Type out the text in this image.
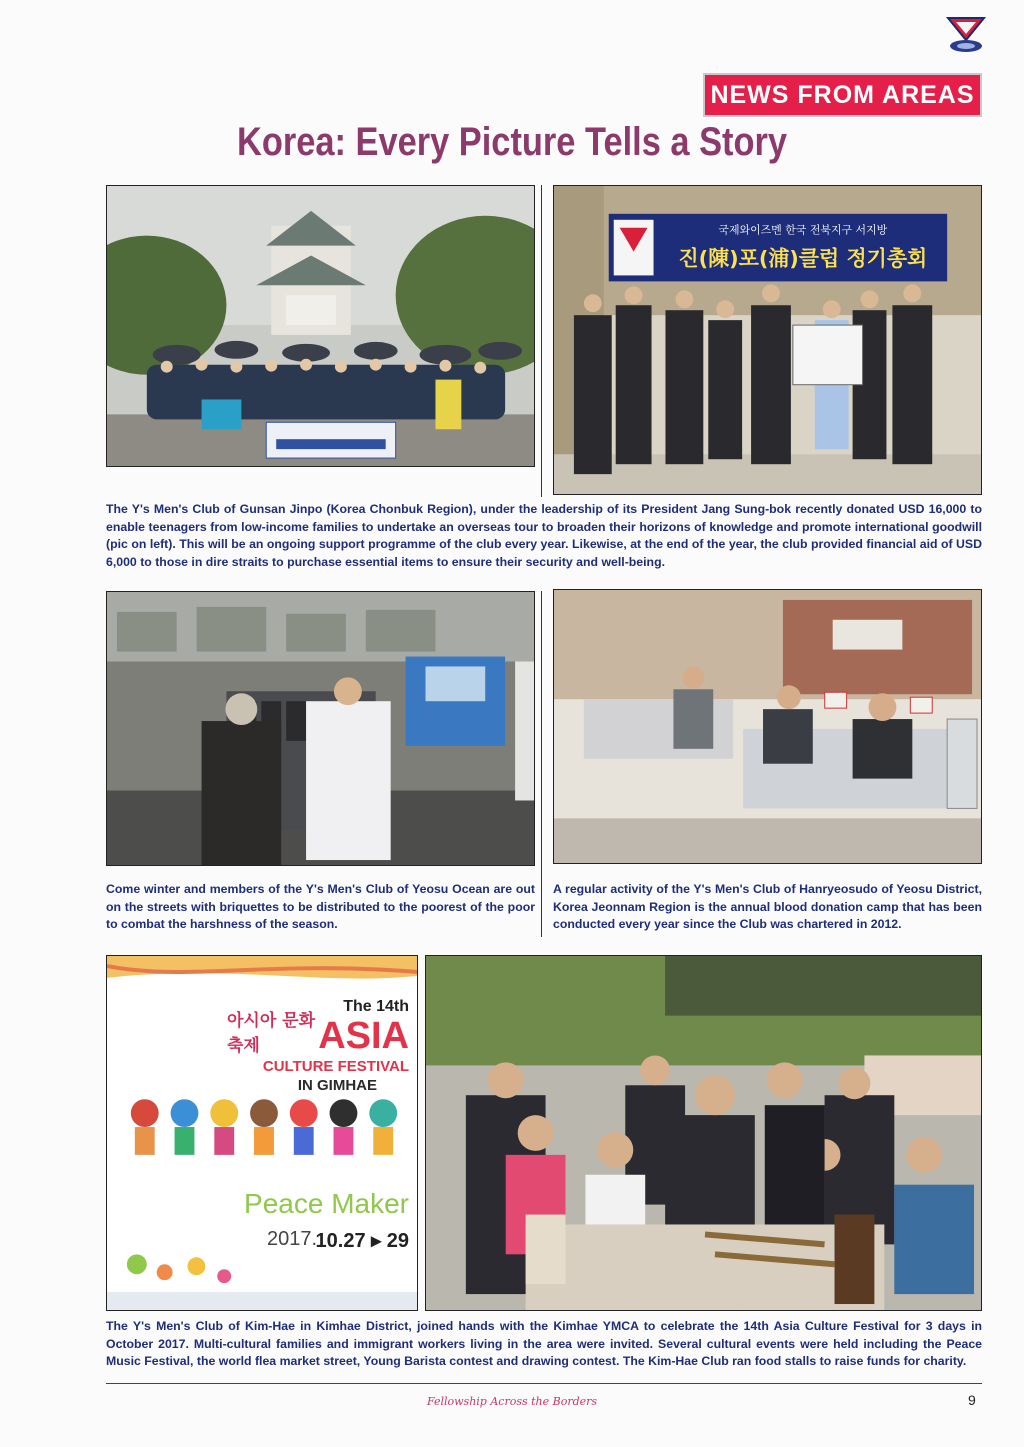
NEWS FROM AREAS
Korea: Every Picture Tells a Story
국제와이즈멘 한국 전북지구 서지방
진(陳)포(浦)클럽 정기총회

The Y's Men's Club of Gunsan Jinpo (Korea Chonbuk Region), under the leadership of its President Jang Sung-bok recently donated USD 16,000 to enable teenagers from low-income families to undertake an overseas tour to broaden their horizons of knowledge and promote international goodwill (pic on left). This will be an ongoing support programme of the club every year. Likewise, at the end of the year, the club provided financial aid of USD 6,000 to those in dire straits to purchase essential items to ensure their security and well-being.

Come winter and members of the Y's Men's Club of Yeosu Ocean are out on the streets with briquettes to be distributed to the poorest of the poor to combat the harshness of the season.

A regular activity of the Y's Men's Club of Hanryeosudo of Yeosu District, Korea Jeonnam Region is the annual blood donation camp that has been conducted every year since the Club was chartered in 2012.

아시아 문화축제
The 14th
ASIA
CULTURE FESTIVAL
IN GIMHAE
Peace Maker
2017.
10.27 ▸ 29

The Y's Men's Club of Kim-Hae in Kimhae District, joined hands with the Kimhae YMCA to celebrate the 14th Asia Culture Festival for 3 days in October 2017. Multi-cultural families and immigrant workers living in the area were invited. Several cultural events were held including the Peace Music Festival, the world flea market street, Young Barista contest and drawing contest. The Kim-Hae Club ran food stalls to raise funds for charity.

Fellowship Across the Borders	9
